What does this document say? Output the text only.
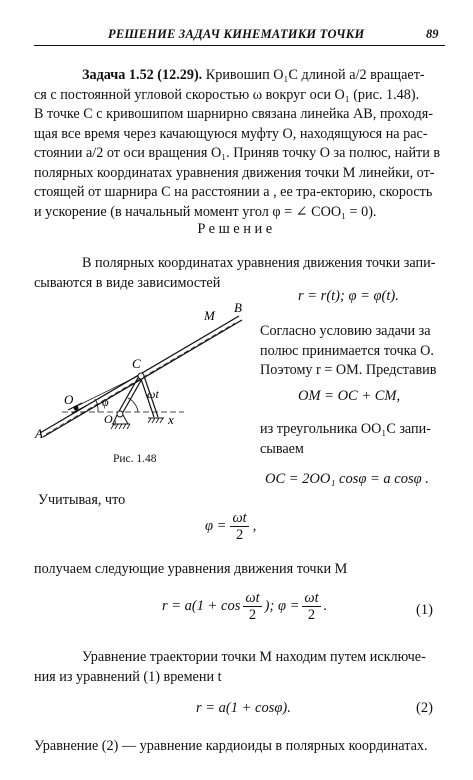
РЕШЕНИЕ ЗАДАЧ КИНЕМАТИКИ ТОЧКИ	89
Задача 1.52 (12.29). Кривошип O₁C длиной a/2 вращает-
ся с постоянной угловой скоростью ω вокруг оси O₁ (рис. 1.48).
В точке C с кривошипом шарнирно связана линейка AB, проходя-
щая все время через качающуюся муфту O, находящуюся на рас-
стоянии a/2 от оси вращения O₁. Приняв точку O за полюс, найти в
полярных координатах уравнения движения точки M линейки, от-
стоящей от шарнира C на расстоянии a , ее тра-екторию, скорость
и ускорение (в начальный момент угол φ = ∠ COO₁ = 0).
Решение
В полярных координатах уравнения движения точки запи-
сываются в виде зависимостей
r = r(t); φ = φ(t).
M
B
C
O
O₁
A
φ
ωt
x
Рис. 1.48
Согласно условию задачи за
полюс принимается точка O.
Поэтому r = OM. Представив
OM = OC + CM,
из треугольника OO₁C запи-
сываем
OC = 2OO₁ cosφ = a cosφ .
Учитывая, что
$\varphi = \frac{\omega t}{2}$ ,
получаем следующие уравнения движения точки M
$r = a(1 + \cos \frac{\omega t}{2}$ ); $\varphi = \frac{\omega t}{2}$ .	(1)
Уравнение траектории точки M находим путем исключе-
ния из уравнений (1) времени t
r = a(1 + cosφ).	(2)
Уравнение (2) — уравнение кардиоиды в полярных координатах.
